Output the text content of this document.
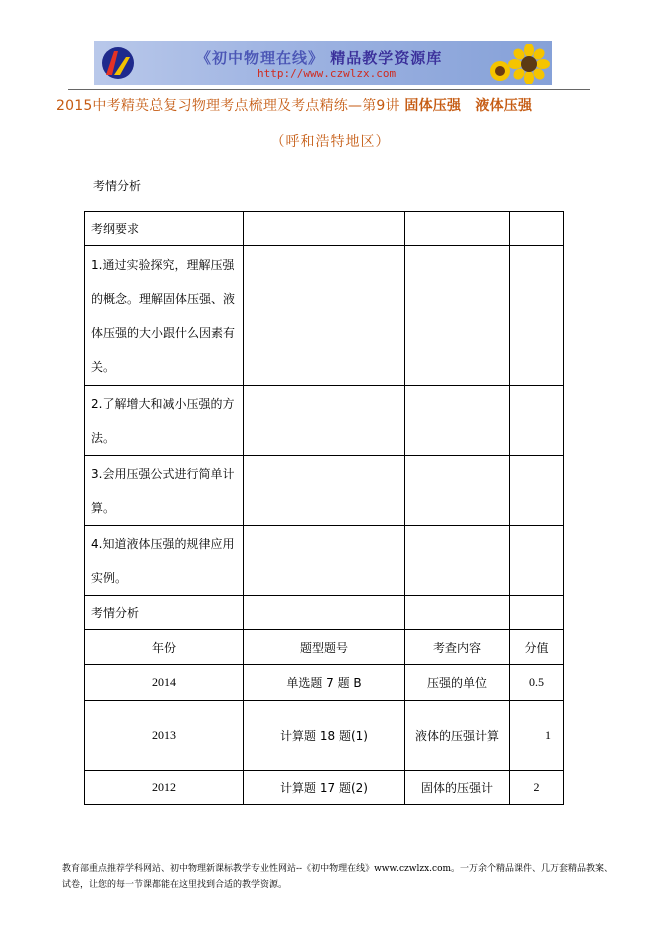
《初中物理在线》 精品教学资源库
http://www.czwlzx.com
2015中考精英总复习物理考点梳理及考点精练—第9讲 固体压强　液体压强
（呼和浩特地区）
考情分析
考纲要求			
1.通过实验探究，理解压强的概念。理解固体压强、液体压强的大小跟什么因素有关。			
2.了解增大和减小压强的方法。			
3.会用压强公式进行简单计算。			
4.知道液体压强的规律应用实例。			
考情分析			
年份	题型题号	考查内容	分值
2014	单选题 7 题 B	压强的单位	0.5
2013	计算题 18 题(1)	液体的压强计算	1
2012	计算题 17 题(2)	固体的压强计	2
教育部重点推荐学科网站、初中物理新课标教学专业性网站--《初中物理在线》www.czwlzx.com。一万余个精品课件、几万套精品教案、试卷，让您的每一节课都能在这里找到合适的教学资源。
